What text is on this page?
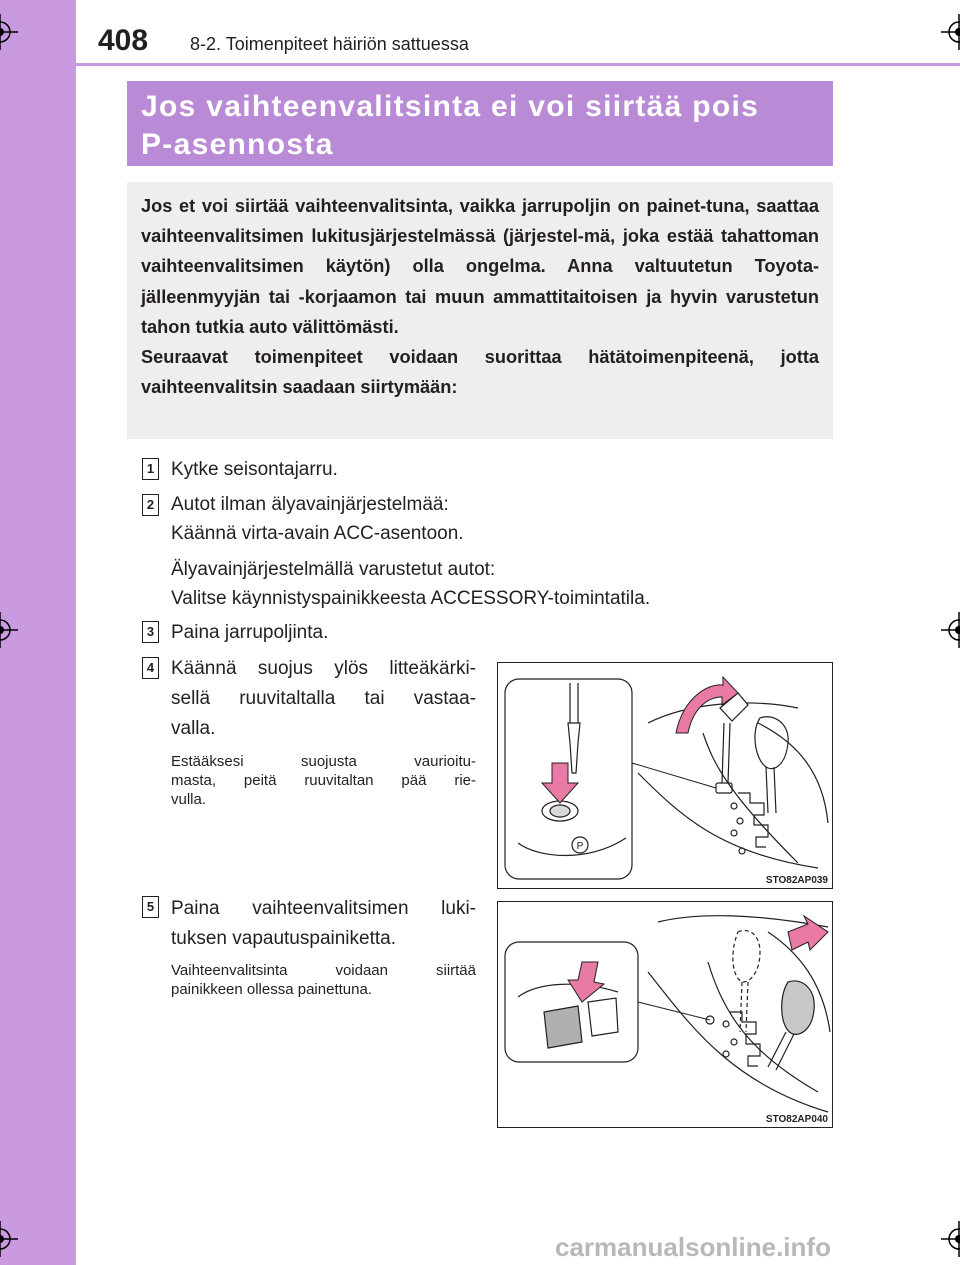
408 8-2. Toimenpiteet häiriön sattuessa
Jos vaihteenvalitsinta ei voi siirtää pois
P-asennosta

Jos et voi siirtää vaihteenvalitsinta, vaikka jarrupoljin on painet-tuna, saattaa vaihteenvalitsimen lukitusjärjestelmässä (järjestel-mä, joka estää tahattoman vaihteenvalitsimen käytön) olla ongelma. Anna valtuutetun Toyota-jälleenmyyjän tai -korjaamon tai muun ammattitaitoisen ja hyvin varustetun tahon tutkia auto välittömästi.

Seuraavat toimenpiteet voidaan suorittaa hätätoimenpiteenä, jotta vaihteenvalitsin saadaan siirtymään:

1 Kytke seisontajarru.
2 Autot ilman älyavainjärjestelmää:
Käännä virta-avain ACC-asentoon.
Älyavainjärjestelmällä varustetut autot:
Valitse käynnistyspainikkeesta ACCESSORY-toimintatila.
3 Paina jarrupoljinta.
4 Käännä suojus ylös litteäkärki-
sellä ruuvitaltalla tai vastaa-
valla.
Estääksesi suojusta vaurioitu-
masta, peitä ruuvitaltan pää rie-
vulla.
5 Paina vaihteenvalitsimen luki-
tuksen vapautuspainiketta.
Vaihteenvalitsinta voidaan siirtää
painikkeen ollessa painettuna.
P
STO82AP039
STO82AP040
carmanualsonline.info
